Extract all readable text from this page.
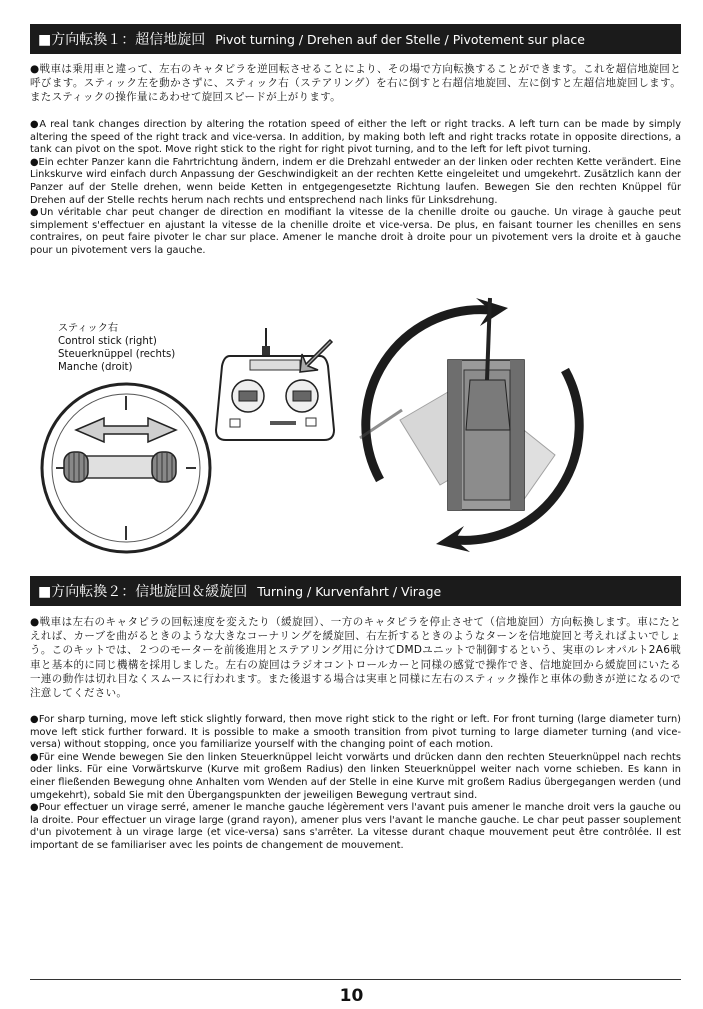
■方向転換１：超信地旋回 Pivot turning / Drehen auf der Stelle / Pivotement sur place

●戦車は乗用車と違って、左右のキャタピラを逆回転させることにより、その場で方向転換することができます。これを超信地旋回と呼びます。スティック左を動かさずに、スティック右（ステアリング）を右に倒すと右超信地旋回、左に倒すと左超信地旋回します。またスティックの操作量にあわせて旋回スピードが上がります。

●A real tank changes direction by altering the rotation speed of either the left or right tracks. A left turn can be made by simply altering the speed of the right track and vice-versa. In addition, by making both left and right tracks rotate in opposite directions, a tank can pivot on the spot. Move right stick to the right for right pivot turning, and to the left for left pivot turning.

●Ein echter Panzer kann die Fahrtrichtung ändern, indem er die Drehzahl entweder an der linken oder rechten Kette verändert. Eine Linkskurve wird einfach durch Anpassung der Geschwindigkeit an der rechten Kette eingeleitet und umgekehrt. Zusätzlich kann der Panzer auf der Stelle drehen, wenn beide Ketten in entgegengesetzte Richtung laufen. Bewegen Sie den rechten Knüppel für Drehen auf der Stelle rechts herum nach rechts und entsprechend nach links für Linksdrehung.

●Un véritable char peut changer de direction en modifiant la vitesse de la chenille droite ou gauche. Un virage à gauche peut simplement s'effectuer en ajustant la vitesse de la chenille droite et vice-versa. De plus, en faisant tourner les chenilles en sens contraires, on peut faire pivoter le char sur place. Amener le manche droit à droite pour un pivotement vers la droite et à gauche pour un pivotement vers la gauche.

スティック右
Control stick (right)
Steuerknüppel (rechts)
Manche (droit)
■方向転換２：信地旋回＆緩旋回 Turning / Kurvenfahrt / Virage

●戦車は左右のキャタピラの回転速度を変えたり（緩旋回）、一方のキャタピラを停止させて（信地旋回）方向転換します。車にたとえれば、カーブを曲がるときのような大きなコーナリングを緩旋回、右左折するときのようなターンを信地旋回と考えればよいでしょう。このキットでは、２つのモーターを前後進用とステアリング用に分けてDMDユニットで制御するという、実車のレオパルト2A6戦車と基本的に同じ機構を採用しました。左右の旋回はラジオコントロールカーと同様の感覚で操作でき、信地旋回から緩旋回にいたる一連の動作は切れ目なくスムースに行われます。また後退する場合は実車と同様に左右のスティック操作と車体の動きが逆になるので注意してください。

●For sharp turning, move left stick slightly forward, then move right stick to the right or left. For front turning (large diameter turn) move left stick further forward. It is possible to make a smooth transition from pivot turning to large diameter turning (and vice-versa) without stopping, once you familiarize yourself with the changing point of each motion.

●Für eine Wende bewegen Sie den linken Steuerknüppel leicht vorwärts und drücken dann den rechten Steuerknüppel nach rechts oder links. Für eine Vorwärtskurve (Kurve mit großem Radius) den linken Steuerknüppel weiter nach vorne schieben. Es kann in einer fließenden Bewegung ohne Anhalten vom Wenden auf der Stelle in eine Kurve mit großem Radius übergegangen werden (und umgekehrt), sobald Sie mit den Übergangspunkten der jeweiligen Bewegung vertraut sind.

●Pour effectuer un virage serré, amener le manche gauche légèrement vers l'avant puis amener le manche droit vers la gauche ou la droite. Pour effectuer un virage large (grand rayon), amener plus vers l'avant le manche gauche. Le char peut passer souplement d'un pivotement à un virage large (et vice-versa) sans s'arrêter. La vitesse durant chaque mouvement peut être contrôlée. Il est important de se familiariser avec les points de changement de mouvement.

10
